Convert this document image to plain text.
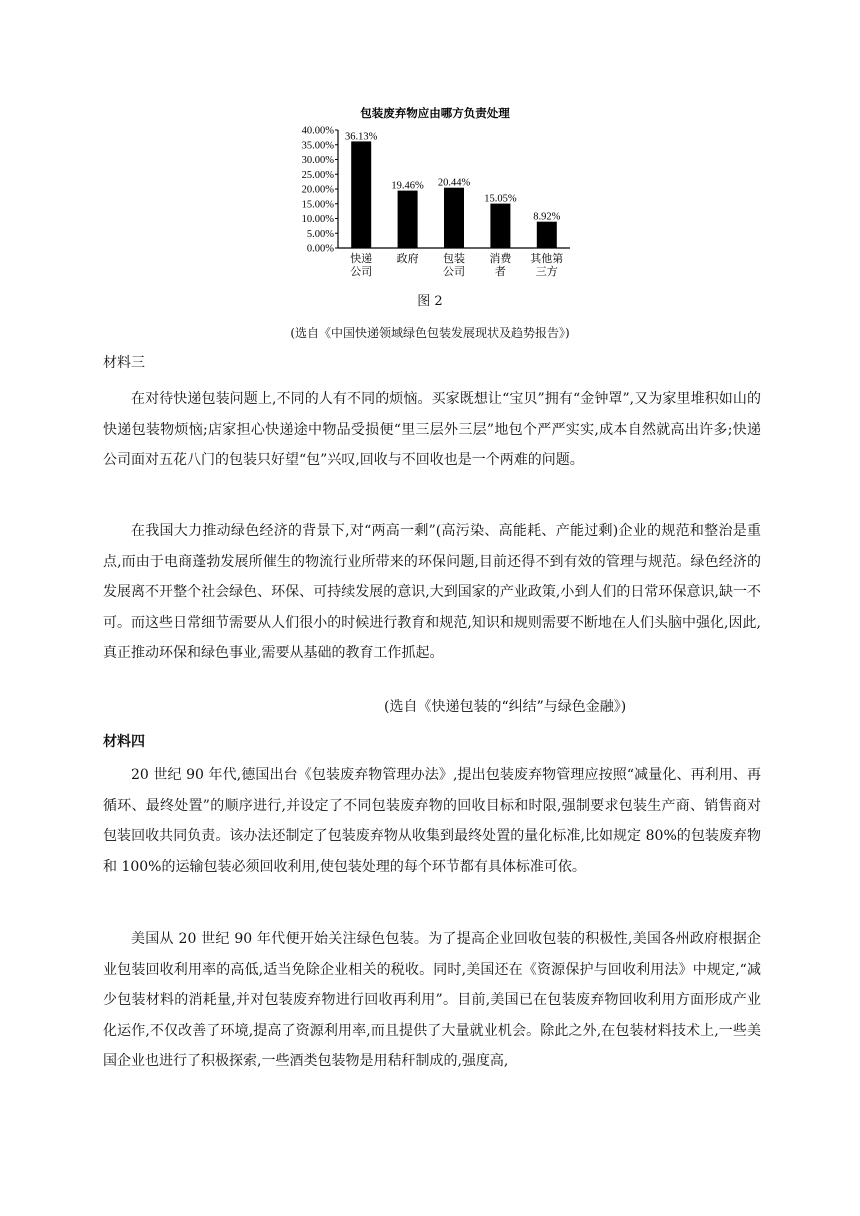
包装废弃物应由哪方负责处理
0.00%
5.00%
10.00%
15.00%
20.00%
25.00%
30.00%
35.00%
40.00%
36.13%
快递
公司
19.46%
政府
20.44%
包装
公司
15.05%
消费
者
8.92%
其他第
三方
图 2
(选自《中国快递领域绿色包装发展现状及趋势报告》)
材料三

在对待快递包装问题上,不同的人有不同的烦恼。买家既想让“宝贝”拥有“金钟罩”,又为家里堆积如山的快递包装物烦恼;店家担心快递途中物品受损便“里三层外三层”地包个严严实实,成本自然就高出许多;快递公司面对五花八门的包装只好望“包”兴叹,回收与不回收也是一个两难的问题。

在我国大力推动绿色经济的背景下,对“两高一剩”(高污染、高能耗、产能过剩)企业的规范和整治是重点,而由于电商蓬勃发展所催生的物流行业所带来的环保问题,目前还得不到有效的管理与规范。绿色经济的发展离不开整个社会绿色、环保、可持续发展的意识,大到国家的产业政策,小到人们的日常环保意识,缺一不可。而这些日常细节需要从人们很小的时候进行教育和规范,知识和规则需要不断地在人们头脑中强化,因此,真正推动环保和绿色事业,需要从基础的教育工作抓起。

(选自《快递包装的“纠结”与绿色金融》)
材料四

20 世纪 90 年代,德国出台《包装废弃物管理办法》,提出包装废弃物管理应按照“减量化、再利用、再循环、最终处置”的顺序进行,并设定了不同包装废弃物的回收目标和时限,强制要求包装生产商、销售商对包装回收共同负责。该办法还制定了包装废弃物从收集到最终处置的量化标准,比如规定 80%的包装废弃物和 100%的运输包装必须回收利用,使包装处理的每个环节都有具体标准可依。

美国从 20 世纪 90 年代便开始关注绿色包装。为了提高企业回收包装的积极性,美国各州政府根据企业包装回收利用率的高低,适当免除企业相关的税收。同时,美国还在《资源保护与回收利用法》中规定,“减少包装材料的消耗量,并对包装废弃物进行回收再利用”。目前,美国已在包装废弃物回收利用方面形成产业化运作,不仅改善了环境,提高了资源利用率,而且提供了大量就业机会。除此之外,在包装材料技术上,一些美国企业也进行了积极探索,一些酒类包装物是用秸秆制成的,强度高,
